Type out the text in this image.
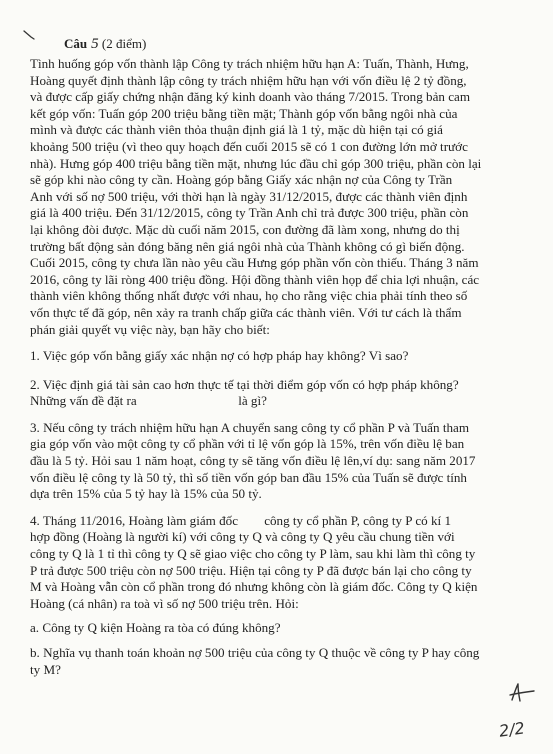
Câu 5 (2 điểm)

Tình huống góp vốn thành lập Công ty trách nhiệm hữu hạn A: Tuấn, Thành, Hưng,
Hoàng quyết định thành lập công ty trách nhiệm hữu hạn với vốn điều lệ 2 tỷ đồng,
và được cấp giấy chứng nhận đăng ký kinh doanh vào tháng 7/2015. Trong bản cam
kết góp vốn: Tuấn góp 200 triệu bằng tiền mặt; Thành góp vốn bằng ngôi nhà của
mình và được các thành viên thỏa thuận định giá là 1 tỷ, mặc dù hiện tại có giá
khoảng 500 triệu (vì theo quy hoạch đến cuối 2015 sẽ có 1 con đường lớn mở trước
nhà). Hưng góp 400 triệu bằng tiền mặt, nhưng lúc đầu chỉ góp 300 triệu, phần còn lại
sẽ góp khi nào công ty cần. Hoàng góp bằng Giấy xác nhận nợ của Công ty Trần
Anh với số nợ 500 triệu, với thời hạn là ngày 31/12/2015, được các thành viên định
giá là 400 triệu. Đến 31/12/2015, công ty Trần Anh chỉ trả được 300 triệu, phần còn
lại không đòi được. Mặc dù cuối năm 2015, con đường đã làm xong, nhưng do thị
trường bất động sản đóng băng nên giá ngôi nhà của Thành không có gì biến động.
Cuối 2015, công ty chưa lần nào yêu cầu Hưng góp phần vốn còn thiếu. Tháng 3 năm
2016, công ty lãi ròng 400 triệu đồng. Hội đồng thành viên họp để chia lợi nhuận, các
thành viên không thống nhất được với nhau, họ cho rằng việc chia phải tính theo số
vốn thực tế đã góp, nên xảy ra tranh chấp giữa các thành viên. Với tư cách là thẩm
phán giải quyết vụ việc này, bạn hãy cho biết:

1. Việc góp vốn bằng giấy xác nhận nợ có hợp pháp hay không? Vì sao?

2. Việc định giá tài sản cao hơn thực tế tại thời điểm góp vốn có hợp pháp không?
Những vấn đề đặt ra                               là gì?

3. Nếu công ty trách nhiệm hữu hạn A chuyển sang công ty cổ phần P và Tuấn tham
gia góp vốn vào một công ty cổ phần với tỉ lệ vốn góp là 15%, trên vốn điều lệ ban
đầu là 5 tỷ. Hỏi sau 1 năm hoạt, công ty sẽ tăng vốn điều lệ lên,ví dụ: sang năm 2017
vốn điều lệ công ty là 50 tỷ, thì số tiền vốn góp ban đầu 15% của Tuấn sẽ được tính
dựa trên 15% của 5 tỷ hay là 15% của 50 tỷ.

4. Tháng 11/2016, Hoàng làm giám đốc        công ty cổ phần P, công ty P có kí 1
hợp đồng (Hoàng là người kí) với công ty Q và công ty Q yêu cầu chung tiền với
công ty Q là 1 tỉ thì công ty Q sẽ giao việc cho công ty P làm, sau khi làm thì công ty
P trả được 500 triệu còn nợ 500 triệu. Hiện tại công ty P đã được bán lại cho công ty
M và Hoàng vẫn còn cổ phần trong đó nhưng không còn là giám đốc. Công ty Q kiện
Hoàng (cá nhân) ra toà vì số nợ 500 triệu trên. Hỏi:

a. Công ty Q kiện Hoàng ra tòa có đúng không?

b. Nghĩa vụ thanh toán khoản nợ 500 triệu của công ty Q thuộc về công ty P hay công
ty M?

2/2
